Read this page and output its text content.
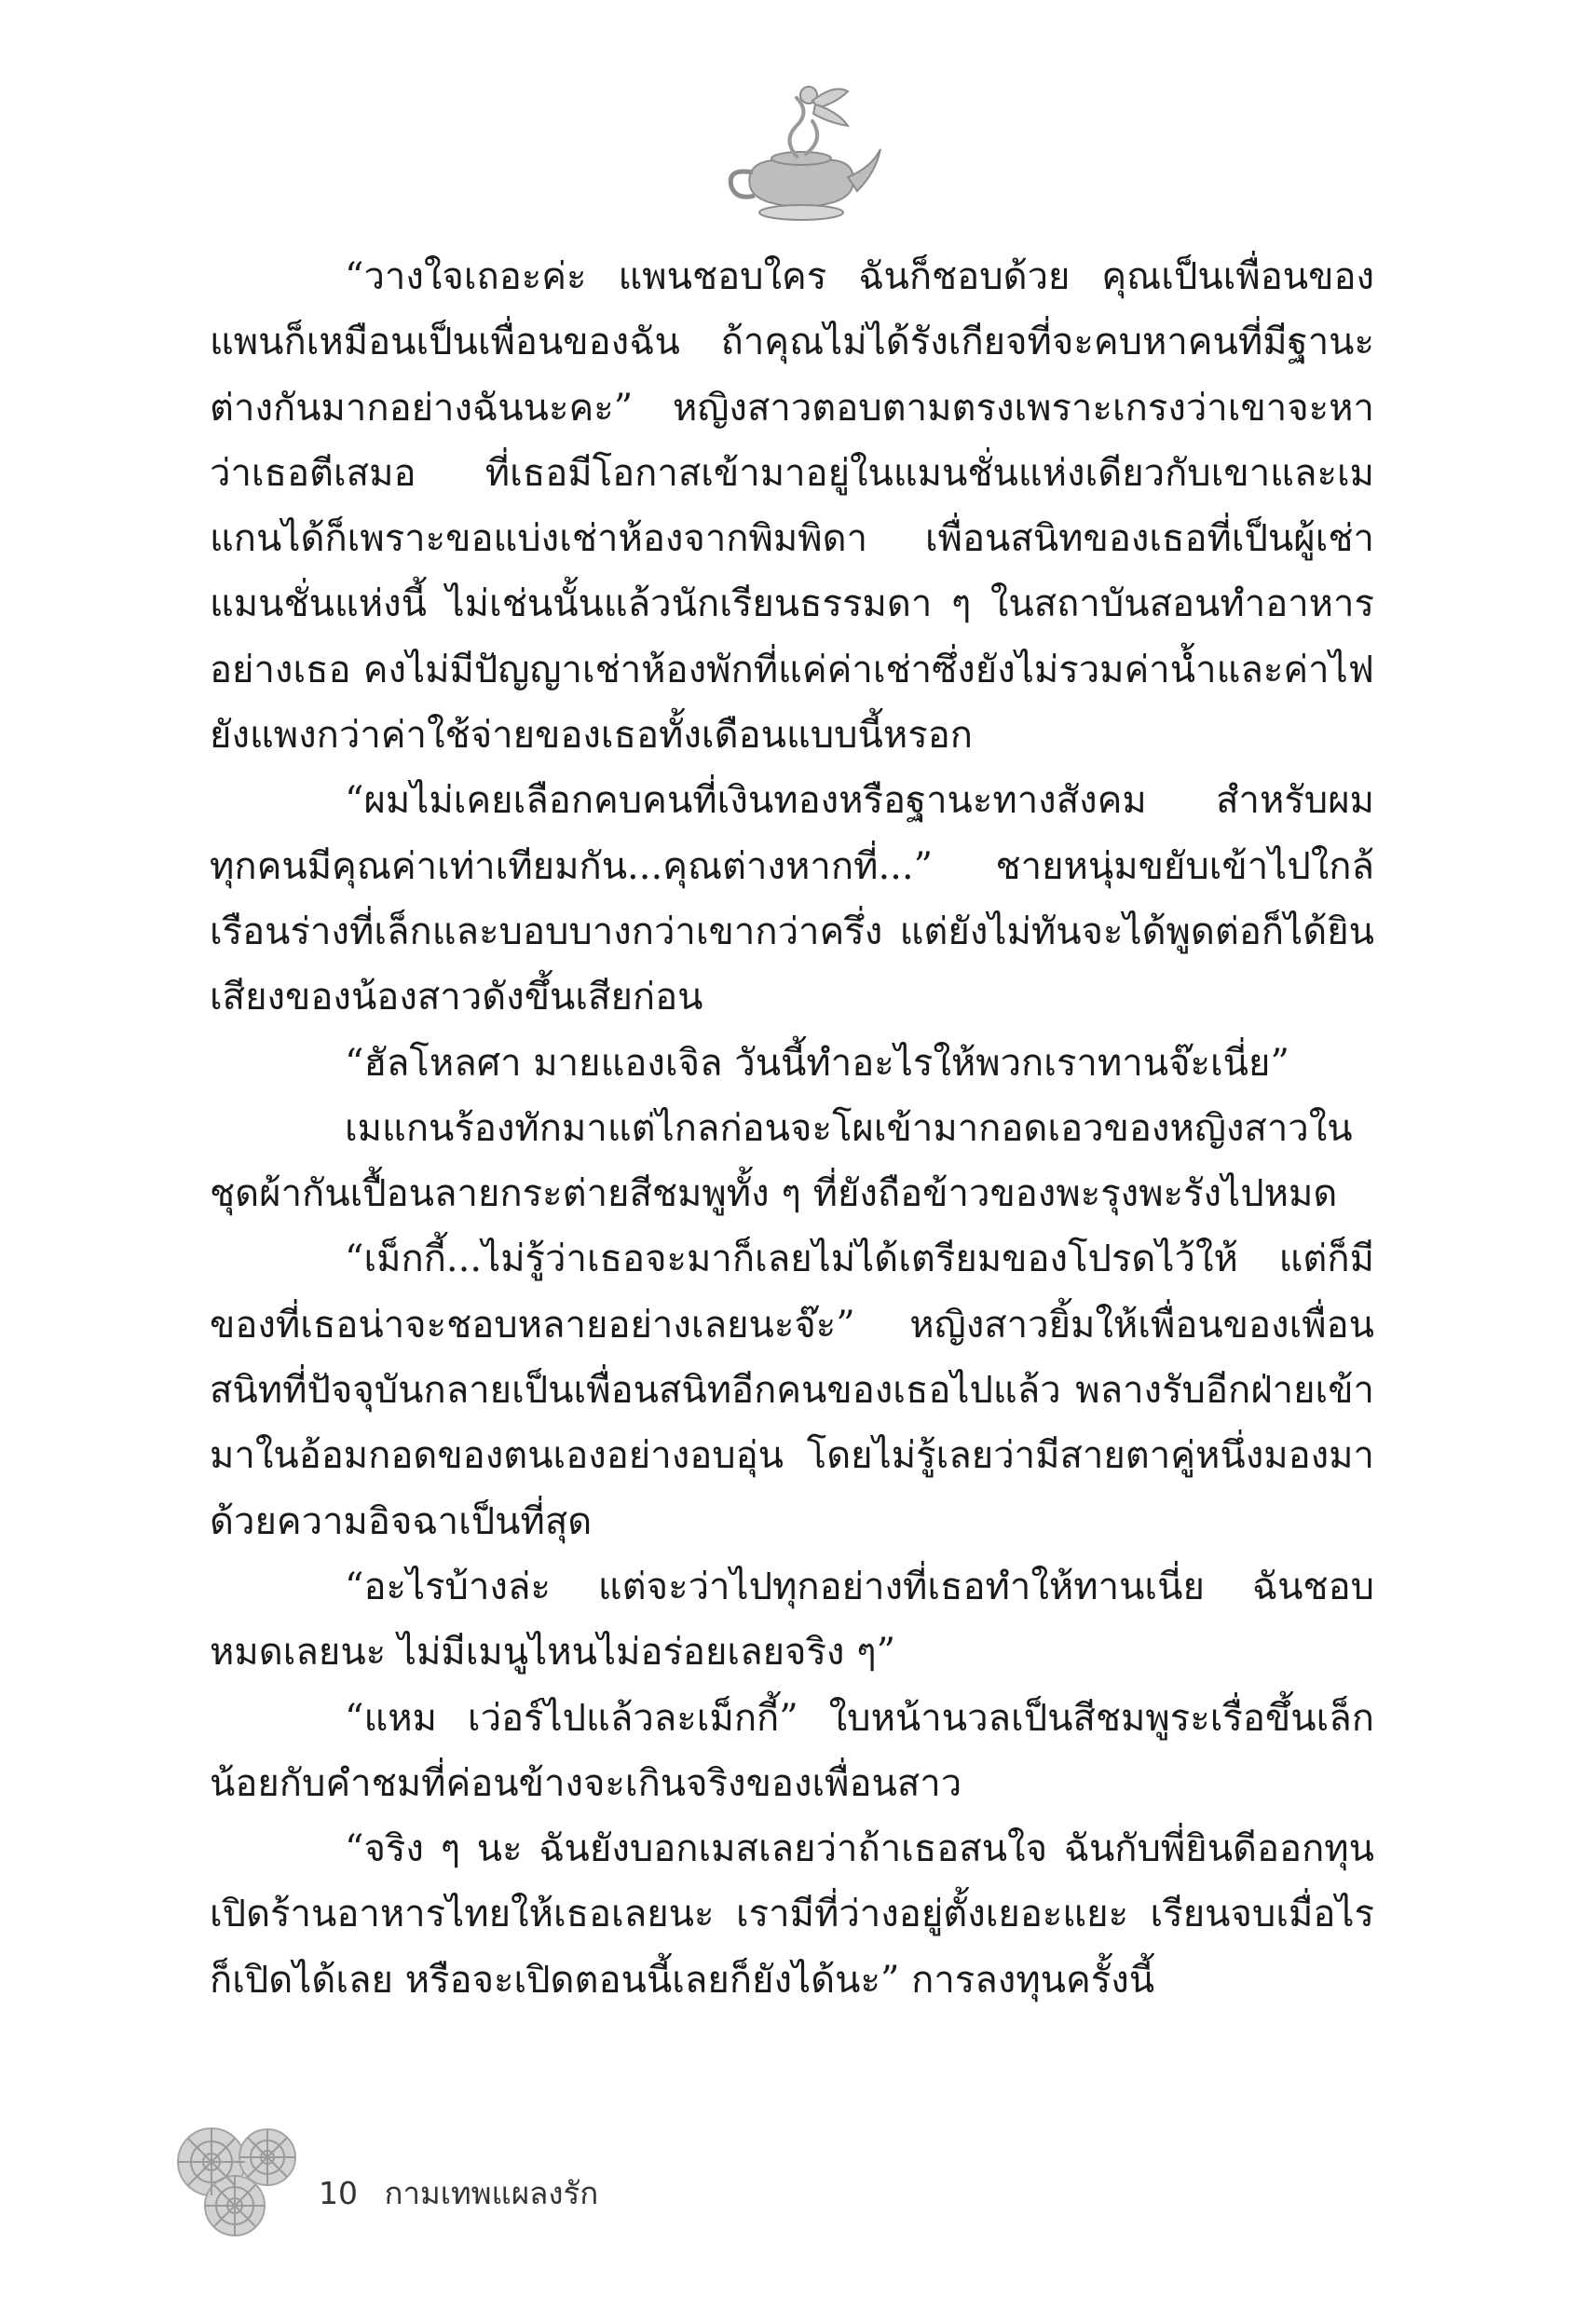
“วางใจเถอะค่ะ แพนชอบใคร ฉันก็ชอบด้วย คุณเป็นเพื่อนของแพนก็เหมือนเป็นเพื่อนของฉัน ถ้าคุณไม่ได้รังเกียจที่จะคบหาคนที่มีฐานะต่างกันมากอย่างฉันนะคะ” หญิงสาวตอบตามตรงเพราะเกรงว่าเขาจะหาว่าเธอตีเสมอ ที่เธอมีโอกาสเข้ามาอยู่ในแมนชั่นแห่งเดียวกับเขาและเมแกนได้ก็เพราะขอแบ่งเช่าห้องจากพิมพิดา เพื่อนสนิทของเธอที่เป็นผู้เช่าแมนชั่นแห่งนี้ ไม่เช่นนั้นแล้วนักเรียนธรรมดา ๆ ในสถาบันสอนทำอาหารอย่างเธอ คงไม่มีปัญญาเช่าห้องพักที่แค่ค่าเช่าซึ่งยังไม่รวมค่าน้ำและค่าไฟยังแพงกว่าค่าใช้จ่ายของเธอทั้งเดือนแบบนี้หรอก

“ผมไม่เคยเลือกคบคนที่เงินทองหรือฐานะทางสังคม สำหรับผม ทุกคนมีคุณค่าเท่าเทียมกัน...คุณต่างหากที่...” ชายหนุ่มขยับเข้าไปใกล้เรือนร่างที่เล็กและบอบบางกว่าเขากว่าครึ่ง แต่ยังไม่ทันจะได้พูดต่อก็ได้ยินเสียงของน้องสาวดังขึ้นเสียก่อน

“ฮัลโหลศา มายแองเจิล วันนี้ทำอะไรให้พวกเราทานจ๊ะเนี่ย”

เมแกนร้องทักมาแต่ไกลก่อนจะโผเข้ามากอดเอวของหญิงสาวในชุดผ้ากันเปื้อนลายกระต่ายสีชมพูทั้ง ๆ ที่ยังถือข้าวของพะรุงพะรังไปหมด

“เม็กกี้...ไม่รู้ว่าเธอจะมาก็เลยไม่ได้เตรียมของโปรดไว้ให้ แต่ก็มีของที่เธอน่าจะชอบหลายอย่างเลยนะจ๊ะ” หญิงสาวยิ้มให้เพื่อนของเพื่อนสนิทที่ปัจจุบันกลายเป็นเพื่อนสนิทอีกคนของเธอไปแล้ว พลางรับอีกฝ่ายเข้ามาในอ้อมกอดของตนเองอย่างอบอุ่น โดยไม่รู้เลยว่ามีสายตาคู่หนึ่งมองมาด้วยความอิจฉาเป็นที่สุด

“อะไรบ้างล่ะ แต่จะว่าไปทุกอย่างที่เธอทำให้ทานเนี่ย ฉันชอบหมดเลยนะ ไม่มีเมนูไหนไม่อร่อยเลยจริง ๆ”

“แหม เว่อร์ไปแล้วละเม็กกี้” ใบหน้านวลเป็นสีชมพูระเรื่อขึ้นเล็กน้อยกับคำชมที่ค่อนข้างจะเกินจริงของเพื่อนสาว

“จริง ๆ นะ ฉันยังบอกเมสเลยว่าถ้าเธอสนใจ ฉันกับพี่ยินดีออกทุนเปิดร้านอาหารไทยให้เธอเลยนะ เรามีที่ว่างอยู่ตั้งเยอะแยะ เรียนจบเมื่อไรก็เปิดได้เลย หรือจะเปิดตอนนี้เลยก็ยังได้นะ” การลงทุนครั้งนี้

10 กามเทพแผลงรัก
